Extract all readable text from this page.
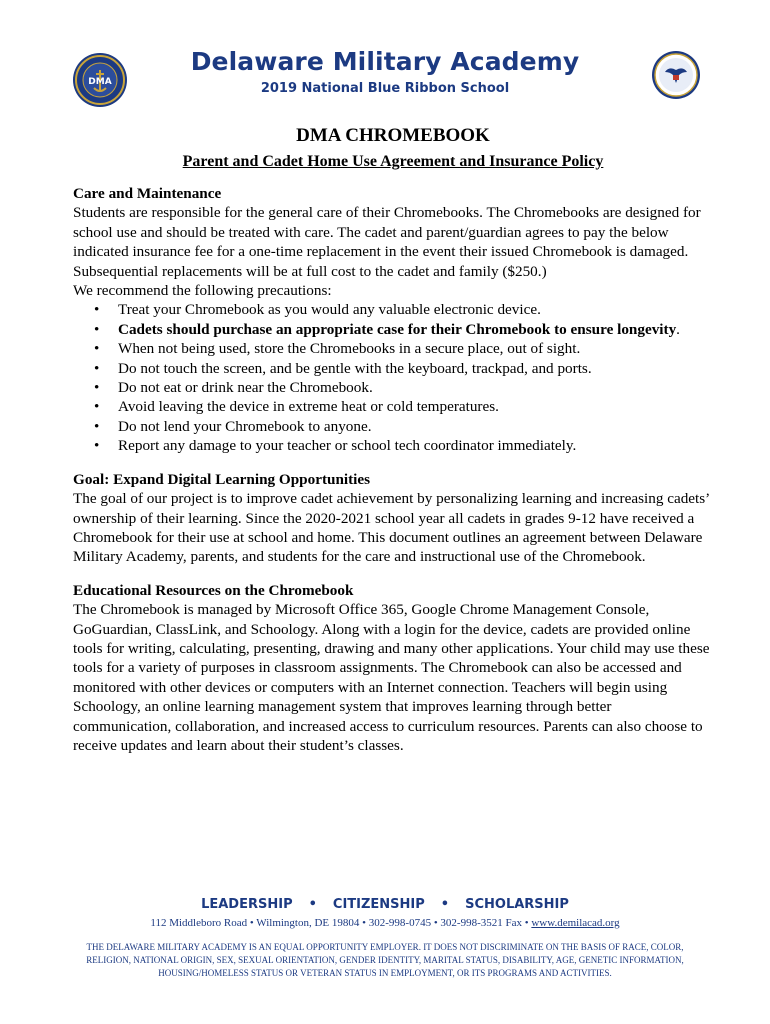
DMA
Delaware Military Academy
2019 National Blue Ribbon School
DMA CHROMEBOOK
Parent and Cadet Home Use Agreement and Insurance Policy
Care and Maintenance

Students are responsible for the general care of their Chromebooks. The Chromebooks are designed for school use and should be treated with care. The cadet and parent/guardian agrees to pay the below indicated insurance fee for a one-time replacement in the event their issued Chromebook is damaged. Subsequential replacements will be at full cost to the cadet and family ($250.)

We recommend the following precautions:

• Treat your Chromebook as you would any valuable electronic device.
• Cadets should purchase an appropriate case for their Chromebook to ensure longevity.
• When not being used, store the Chromebooks in a secure place, out of sight.
• Do not touch the screen, and be gentle with the keyboard, trackpad, and ports.
• Do not eat or drink near the Chromebook.
• Avoid leaving the device in extreme heat or cold temperatures.
• Do not lend your Chromebook to anyone.
• Report any damage to your teacher or school tech coordinator immediately.
Goal: Expand Digital Learning Opportunities

The goal of our project is to improve cadet achievement by personalizing learning and increasing cadets’ ownership of their learning. Since the 2020-2021 school year all cadets in grades 9-12 have received a Chromebook for their use at school and home. This document outlines an agreement between Delaware Military Academy, parents, and students for the care and instructional use of the Chromebook.

Educational Resources on the Chromebook

The Chromebook is managed by Microsoft Office 365, Google Chrome Management Console, GoGuardian, ClassLink, and Schoology. Along with a login for the device, cadets are provided online tools for writing, calculating, presenting, drawing and many other applications. Your child may use these tools for a variety of purposes in classroom assignments. The Chromebook can also be accessed and monitored with other devices or computers with an Internet connection. Teachers will begin using Schoology, an online learning management system that improves learning through better communication, collaboration, and increased access to curriculum resources. Parents can also choose to receive updates and learn about their student’s classes.

LEADERSHIP • CITIZENSHIP • SCHOLARSHIP
112 Middleboro Road • Wilmington, DE 19804 • 302-998-0745 • 302-998-3521 Fax • www.demilacad.org
THE DELAWARE MILITARY ACADEMY IS AN EQUAL OPPORTUNITY EMPLOYER. IT DOES NOT DISCRIMINATE ON THE BASIS OF RACE, COLOR, RELIGION, NATIONAL ORIGIN, SEX, SEXUAL ORIENTATION, GENDER IDENTITY, MARITAL STATUS, DISABILITY, AGE, GENETIC INFORMATION, HOUSING/HOMELESS STATUS OR VETERAN STATUS IN EMPLOYMENT, OR ITS PROGRAMS AND ACTIVITIES.
